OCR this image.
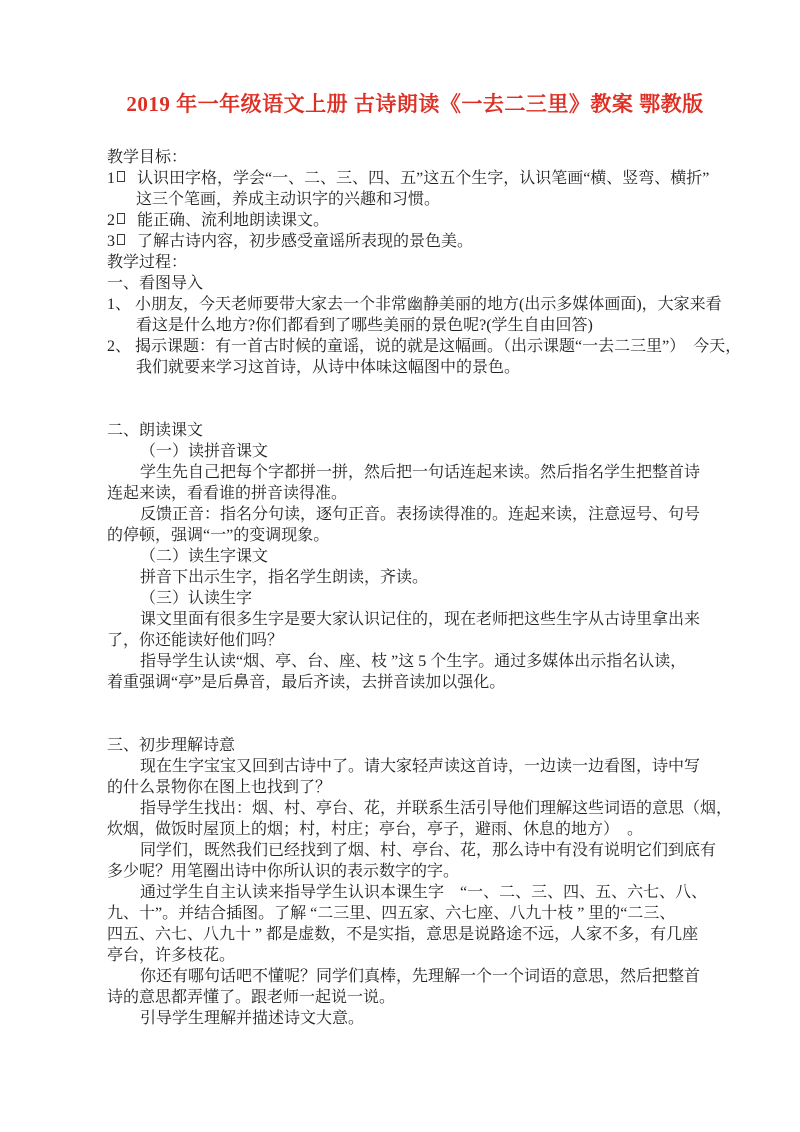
2019 年一年级语文上册 古诗朗读《一去二三里》教案 鄂教版
教学目标：
1 认识田字格，学会“一、二、三、四、五”这五个生字，认识笔画“横、竖弯、横折”
这三个笔画，养成主动识字的兴趣和习惯。
2 能正确、流利地朗读课文。
3 了解古诗内容，初步感受童谣所表现的景色美。
教学过程：
一、看图导入
1、 小朋友，今天老师要带大家去一个非常幽静美丽的地方(出示多媒体画面)，大家来看
看这是什么地方?你们都看到了哪些美丽的景色呢?(学生自由回答)
2、 揭示课题：有一首古时候的童谣，说的就是这幅画。（出示课题“一去二三里”）　今天，
我们就要来学习这首诗，从诗中体味这幅图中的景色。
二、朗读课文
（一）读拼音课文
学生先自己把每个字都拼一拼，然后把一句话连起来读。然后指名学生把整首诗
连起来读，看看谁的拼音读得准。
反馈正音：指名分句读，逐句正音。表扬读得准的。连起来读，注意逗号、句号
的停顿，强调“一”的变调现象。
（二）读生字课文
拼音下出示生字，指名学生朗读，齐读。
（三）认读生字
课文里面有很多生字是要大家认识记住的，现在老师把这些生字从古诗里拿出来
了，你还能读好他们吗？
指导学生认读“烟、亭、台、座、枝 ”这 5 个生字。通过多媒体出示指名认读，
着重强调“亭”是后鼻音，最后齐读，去拼音读加以强化。
三、初步理解诗意
现在生字宝宝又回到古诗中了。请大家轻声读这首诗，一边读一边看图，诗中写
的什么景物你在图上也找到了？
指导学生找出：烟、村、亭台、花，并联系生活引导他们理解这些词语的意思（烟，
炊烟，做饭时屋顶上的烟；村，村庄；亭台，亭子，避雨、休息的地方）　。
同学们，既然我们已经找到了烟、村、亭台、花，那么诗中有没有说明它们到底有
多少呢？用笔圈出诗中你所认识的表示数字的字。
通过学生自主认读来指导学生认识本课生字　“一、二、三、四、五、六七、八、
九、十”。并结合插图。了解 “二三里、四五家、六七座、八九十枝 ” 里的“二三、
四五、六七、八九十 ” 都是虚数，不是实指，意思是说路途不远，人家不多，有几座
亭台，许多枝花。
你还有哪句话吧不懂呢？同学们真棒，先理解一个一个词语的意思，然后把整首
诗的意思都弄懂了。跟老师一起说一说。
引导学生理解并描述诗文大意。
